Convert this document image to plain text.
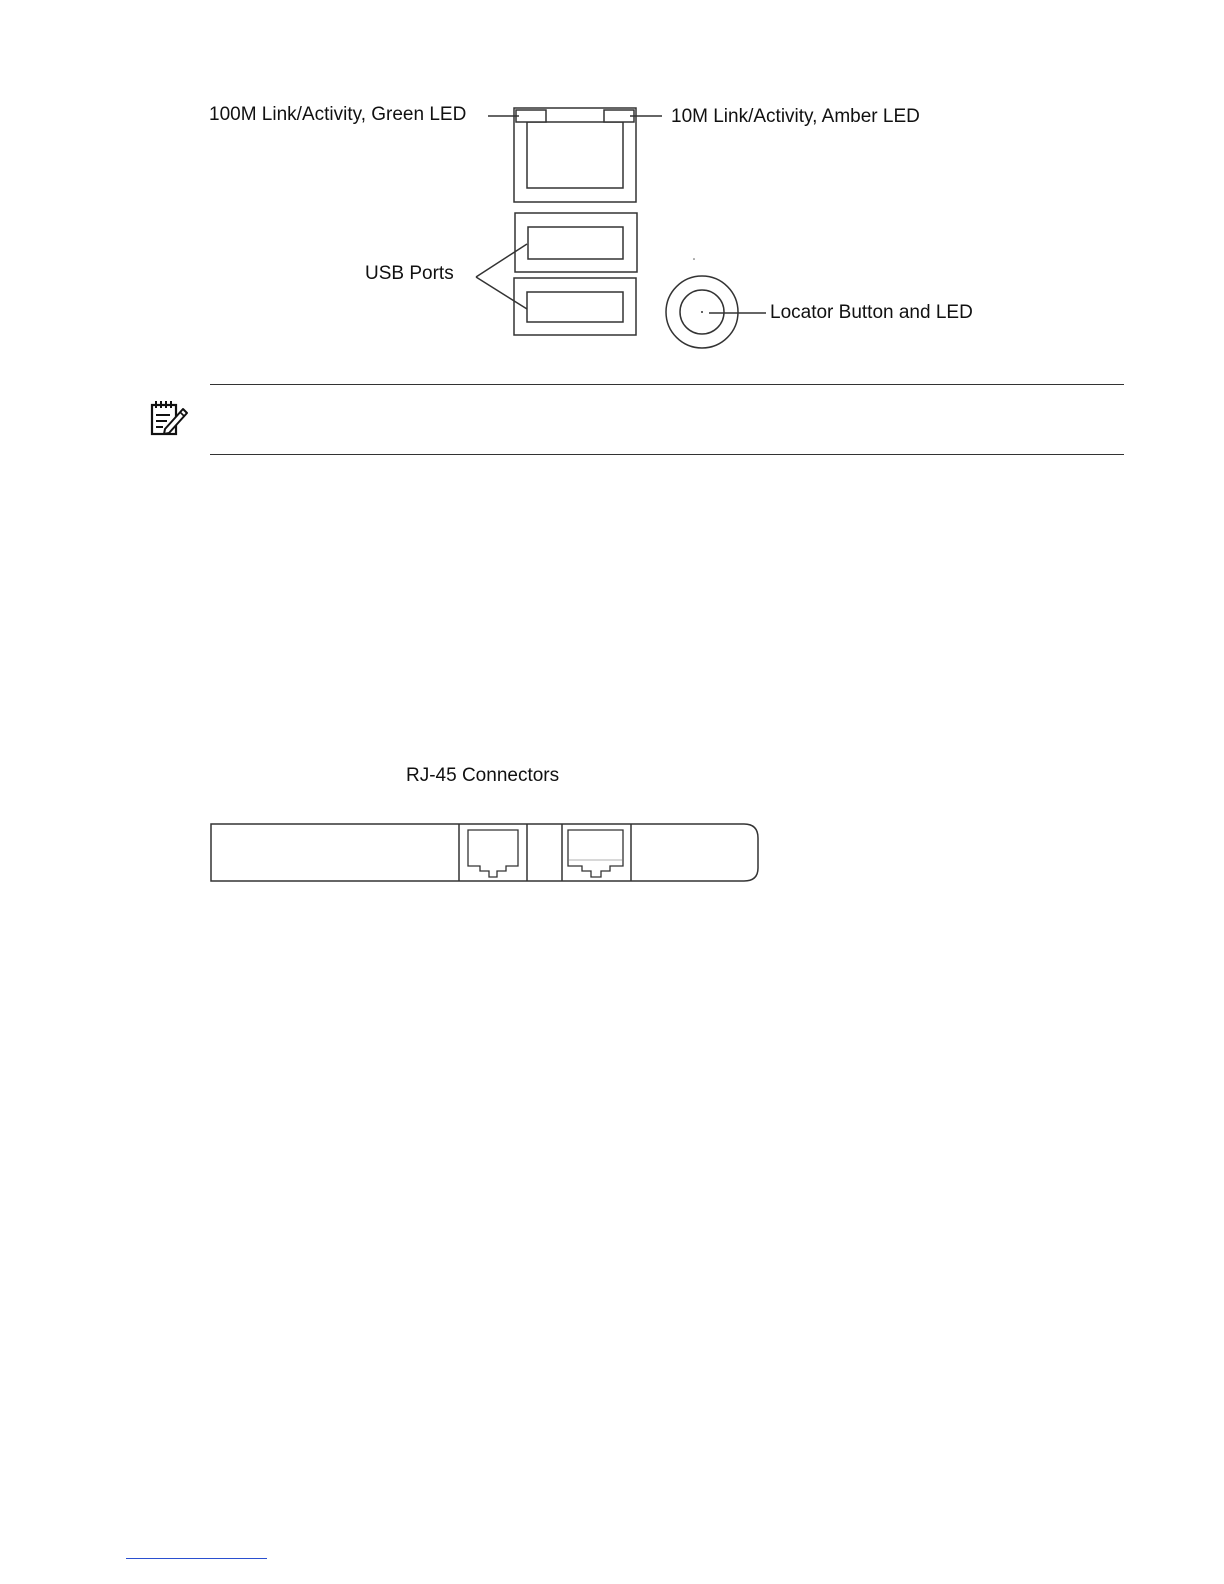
100M Link/Activity, Green LED	10M Link/Activity, Amber LED
USB Ports
Locator Button and LED
RJ-45 Connectors
